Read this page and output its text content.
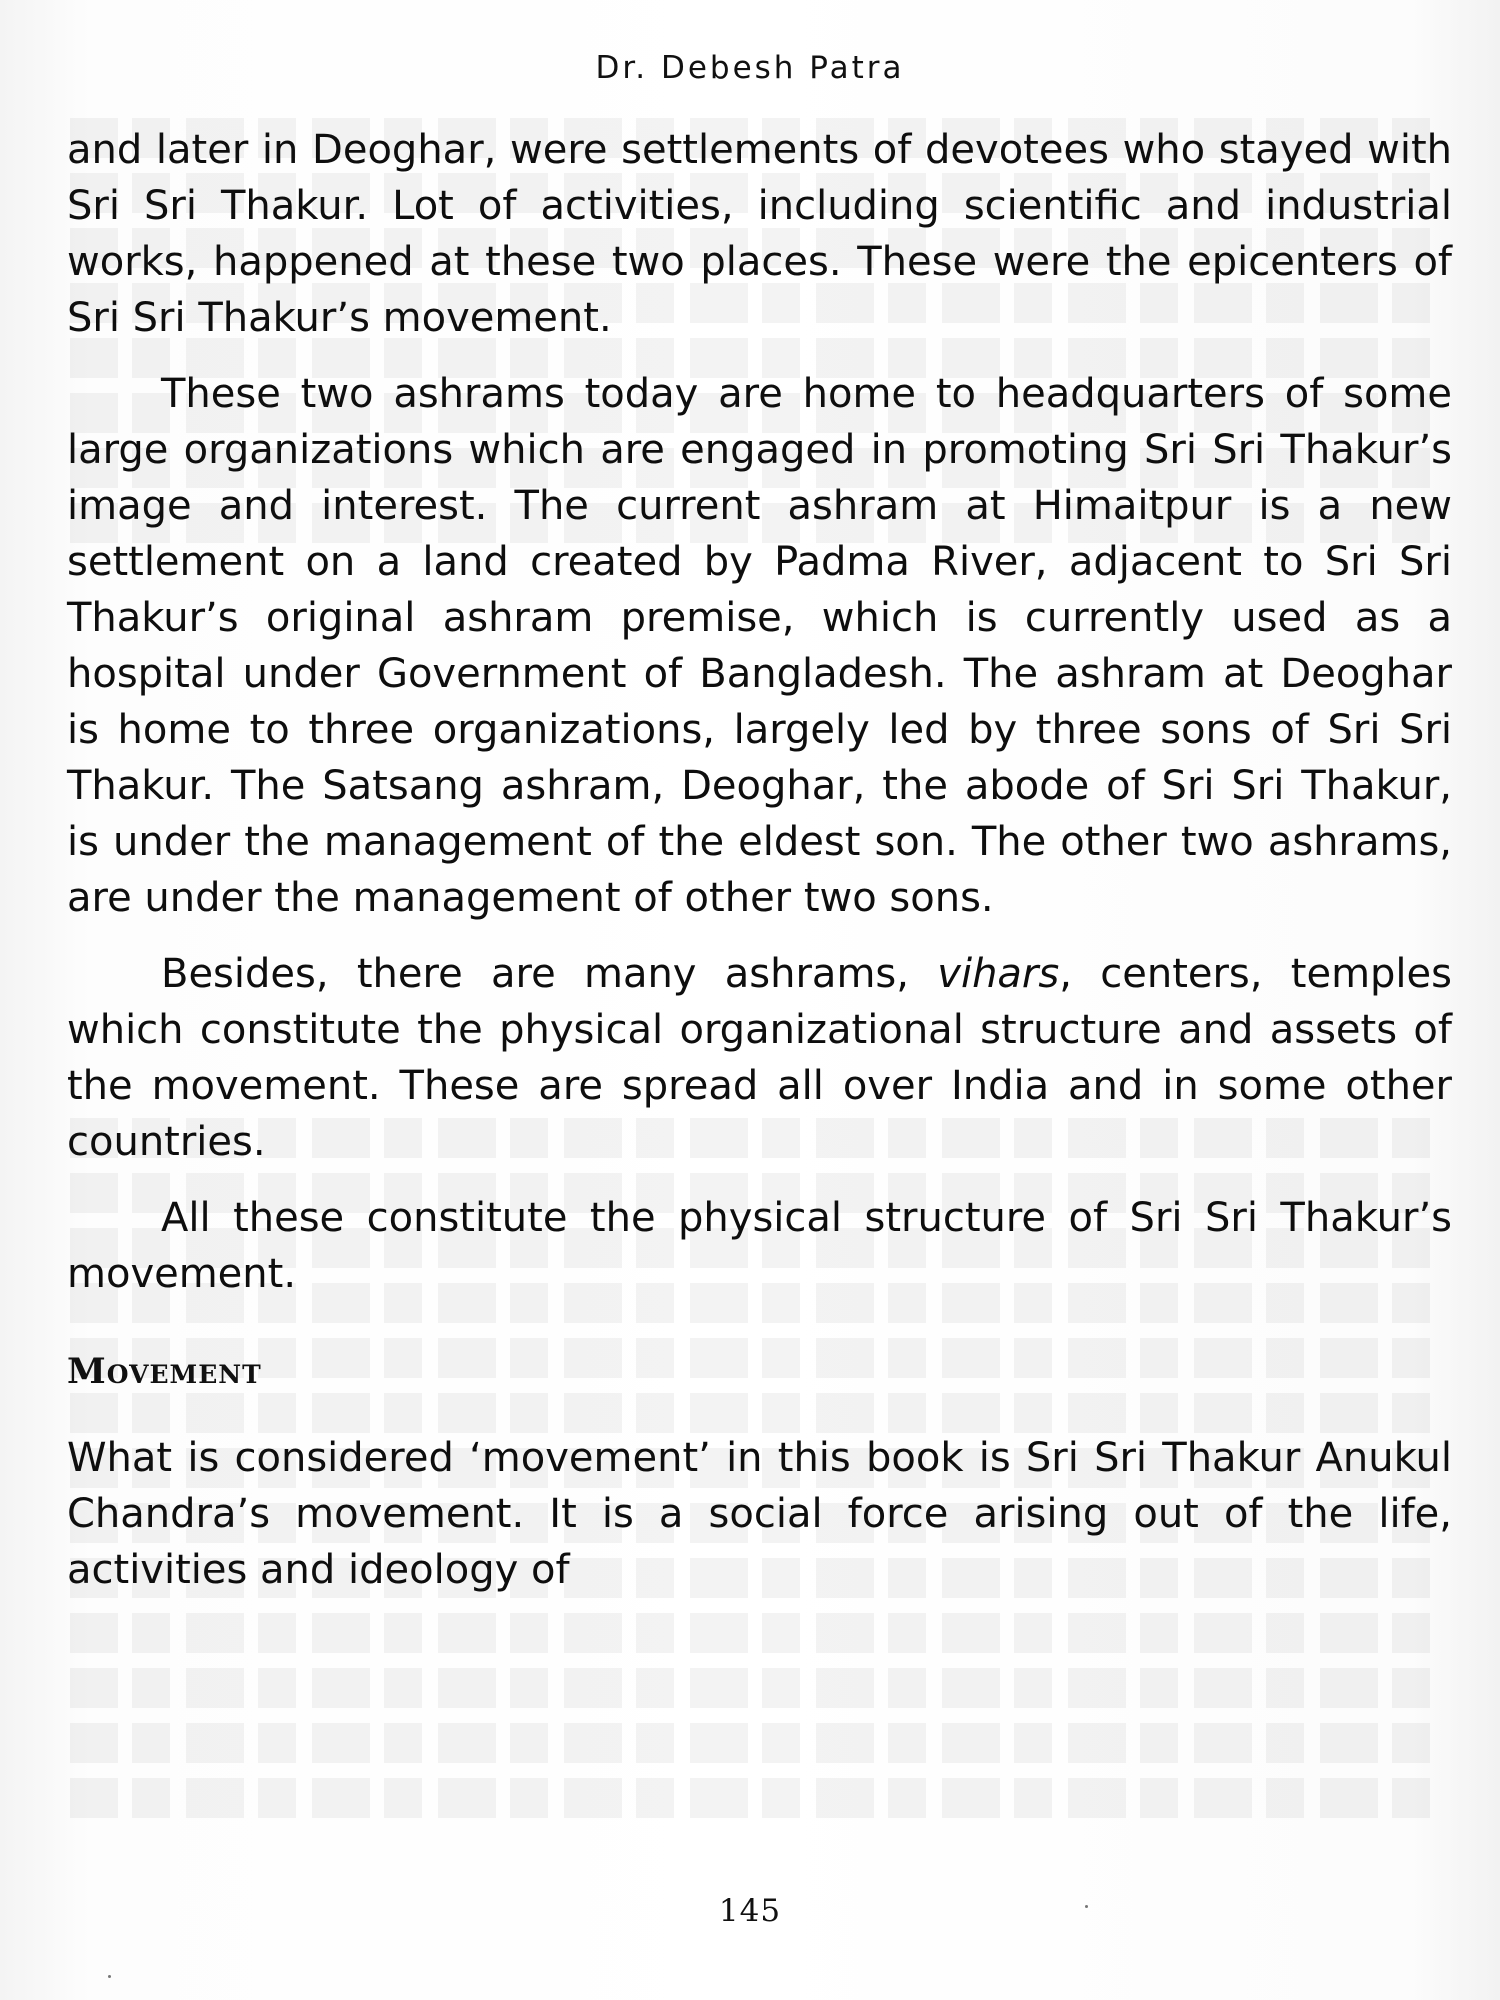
Dr. Debesh Patra

and later in Deoghar, were settlements of devotees who stayed with Sri Sri Thakur. Lot of activities, including scientific and industrial works, happened at these two places. These were the epicenters of Sri Sri Thakur’s movement.

These two ashrams today are home to headquarters of some large organizations which are engaged in promoting Sri Sri Thakur’s image and interest. The current ashram at Himaitpur is a new settlement on a land created by Padma River, adjacent to Sri Sri Thakur’s original ashram premise, which is currently used as a hospital under Government of Bangladesh. The ashram at Deoghar is home to three organizations, largely led by three sons of Sri Sri Thakur. The Satsang ashram, Deoghar, the abode of Sri Sri Thakur, is under the management of the eldest son. The other two ashrams, are under the management of other two sons.

Besides, there are many ashrams, vihars, centers, temples which constitute the physical organizational structure and assets of the movement. These are spread all over India and in some other countries.

All these constitute the physical structure of Sri Sri Thakur’s movement.

Movement

What is considered ‘movement’ in this book is Sri Sri Thakur Anukul Chandra’s movement. It is a social force arising out of the life, activities and ideology of

145
